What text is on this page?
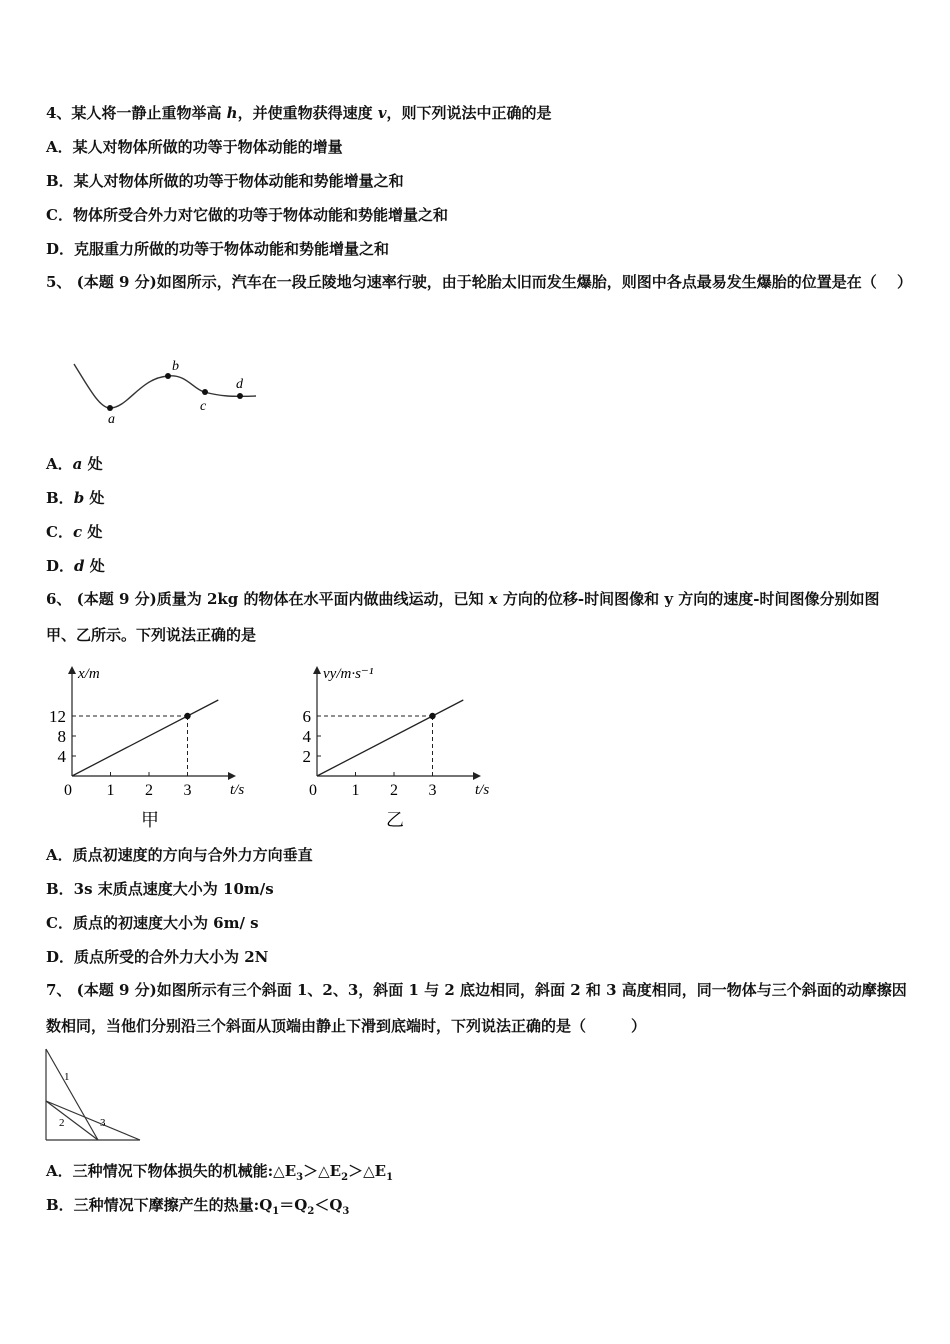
4、某人将一静止重物举高 h，并使重物获得速度 v，则下列说法中正确的是
A．某人对物体所做的功等于物体动能的增量
B．某人对物体所做的功等于物体动能和势能增量之和
C．物体所受合外力对它做的功等于物体动能和势能增量之和
D．克服重力所做的功等于物体动能和势能增量之和
5、 (本题 9 分)如图所示，汽车在一段丘陵地匀速率行驶，由于轮胎太旧而发生爆胎，则图中各点最易发生爆胎的位置是在（　 ）
a
b
c
d
A．a 处
B．b 处
C．c 处
D．d 处
6、 (本题 9 分)质量为 2kg 的物体在水平面内做曲线运动，已知 x 方向的位移-时间图像和 y 方向的速度-时间图像分别如图甲、乙所示。下列说法正确的是
x/m
t/s
0 1 2 3
4
8
12
甲
vy/m·s⁻¹
t/s
0 1 2 3
2
4
6
乙
A．质点初速度的方向与合外力方向垂直
B．3s 末质点速度大小为 10m/s
C．质点的初速度大小为 6m/ s
D．质点所受的合外力大小为 2N
7、 (本题 9 分)如图所示有三个斜面 1、2、3，斜面 1 与 2 底边相同，斜面 2 和 3 高度相同，同一物体与三个斜面的动摩擦因数相同，当他们分别沿三个斜面从顶端由静止下滑到底端时，下列说法正确的是（　　　）
1
2	3
A．三种情况下物体损失的机械能$:\triangle E_3>\triangle E_2>\triangle E_1$
B．三种情况下摩擦产生的热量$:Q_1=Q_2<Q_3$
